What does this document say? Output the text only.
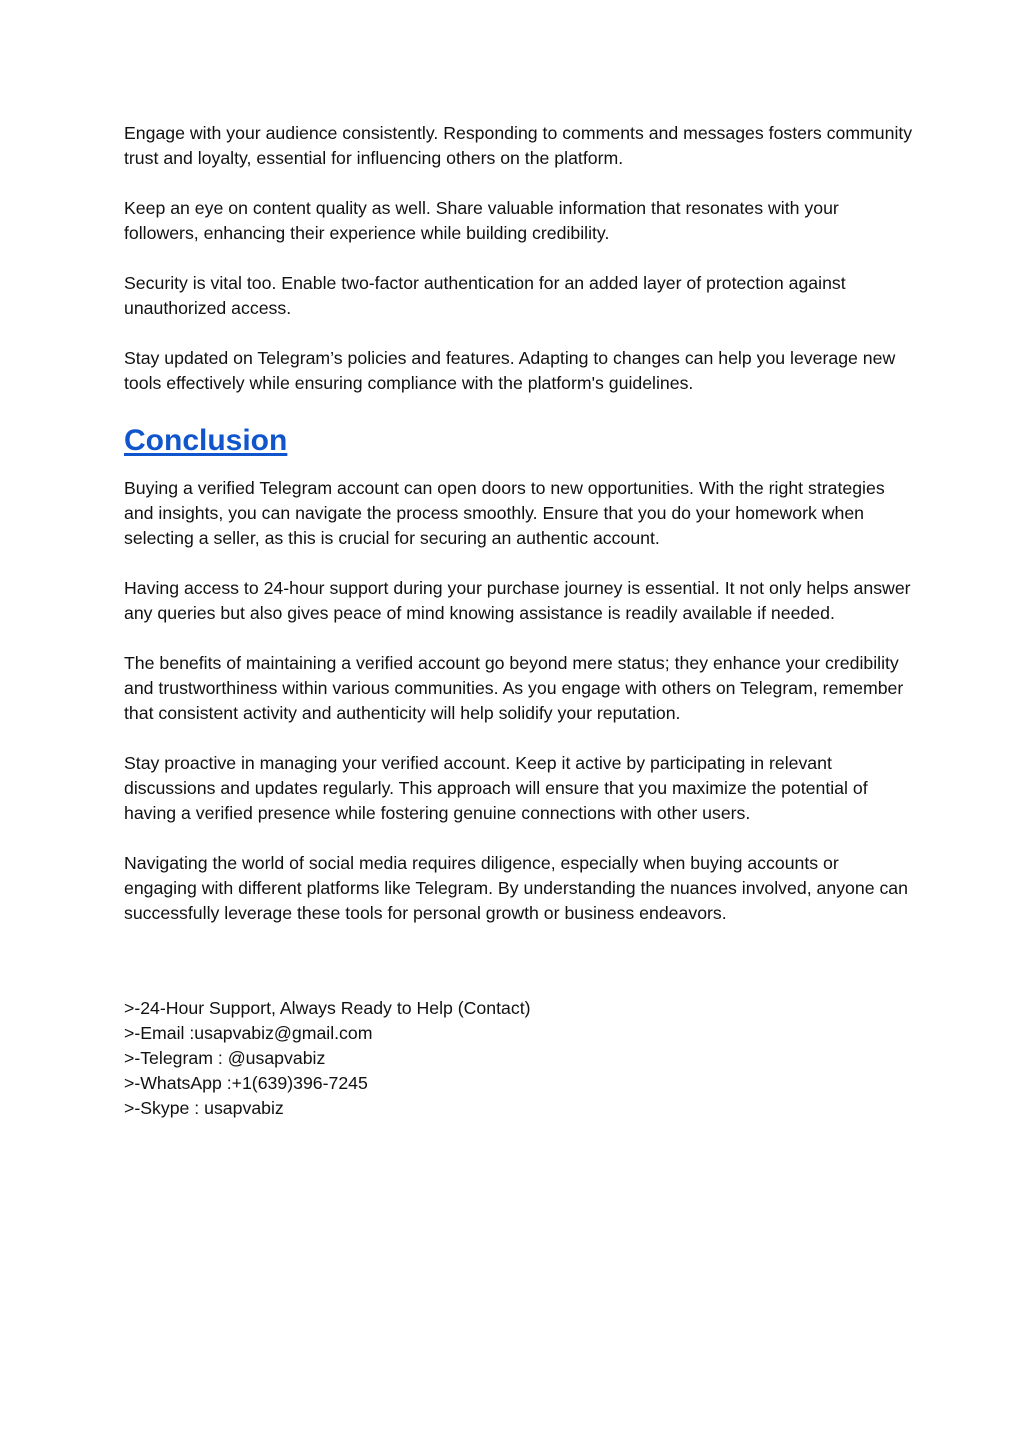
Engage with your audience consistently. Responding to comments and messages fosters community trust and loyalty, essential for influencing others on the platform.

Keep an eye on content quality as well. Share valuable information that resonates with your followers, enhancing their experience while building credibility.

Security is vital too. Enable two-factor authentication for an added layer of protection against unauthorized access.

Stay updated on Telegram’s policies and features. Adapting to changes can help you leverage new tools effectively while ensuring compliance with the platform's guidelines.

Conclusion

Buying a verified Telegram account can open doors to new opportunities. With the right strategies and insights, you can navigate the process smoothly. Ensure that you do your homework when selecting a seller, as this is crucial for securing an authentic account.

Having access to 24-hour support during your purchase journey is essential. It not only helps answer any queries but also gives peace of mind knowing assistance is readily available if needed.

The benefits of maintaining a verified account go beyond mere status; they enhance your credibility and trustworthiness within various communities. As you engage with others on Telegram, remember that consistent activity and authenticity will help solidify your reputation.

Stay proactive in managing your verified account. Keep it active by participating in relevant discussions and updates regularly. This approach will ensure that you maximize the potential of having a verified presence while fostering genuine connections with other users.

Navigating the world of social media requires diligence, especially when buying accounts or engaging with different platforms like Telegram. By understanding the nuances involved, anyone can successfully leverage these tools for personal growth or business endeavors.

>-24-Hour Support, Always Ready to Help (Contact)
>-Email :usapvabiz@gmail.com
>-Telegram : @usapvabiz
>-WhatsApp :+1(639)396-7245
>-Skype : usapvabiz
